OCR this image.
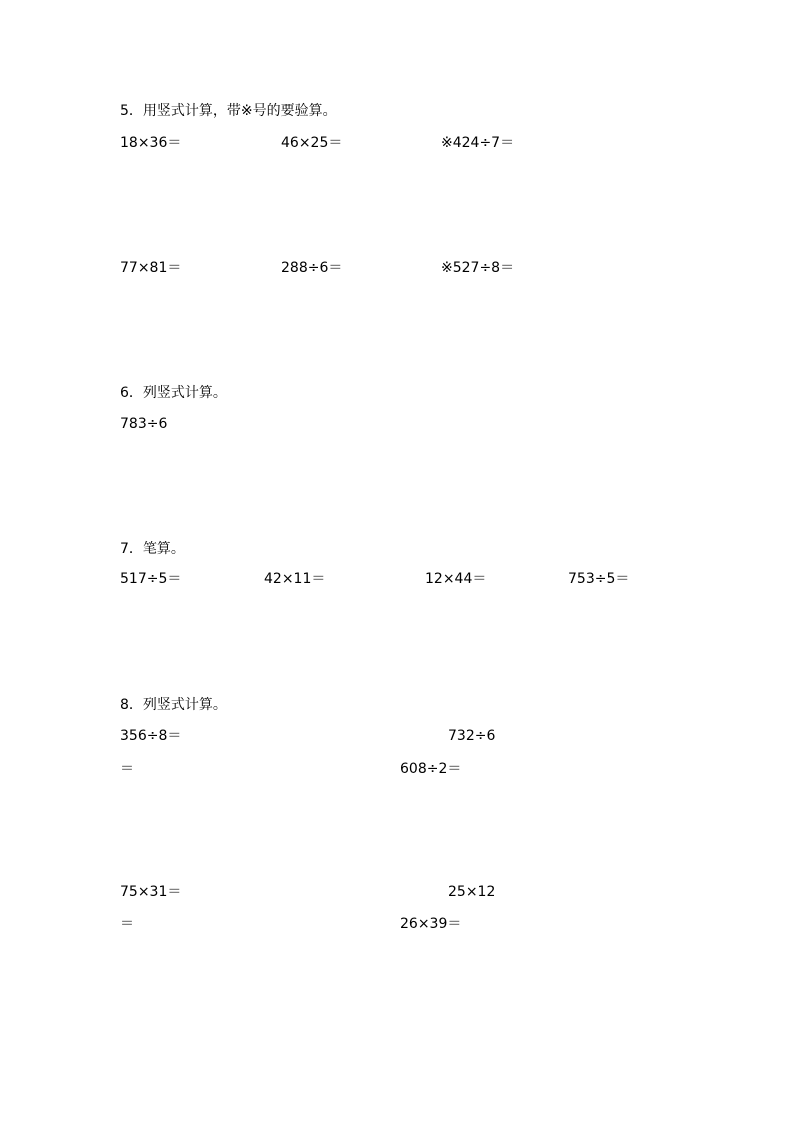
5．用竖式计算，带※号的要验算。
18×36＝	46×25＝	※424÷7＝
77×81＝	288÷6＝	※527÷8＝
6．列竖式计算。
783÷6
7．笔算。
517÷5＝	42×11＝	12×44＝	753÷5＝
8．列竖式计算。
356÷8＝	732÷6
＝	608÷2＝
75×31＝	25×12
＝	26×39＝
